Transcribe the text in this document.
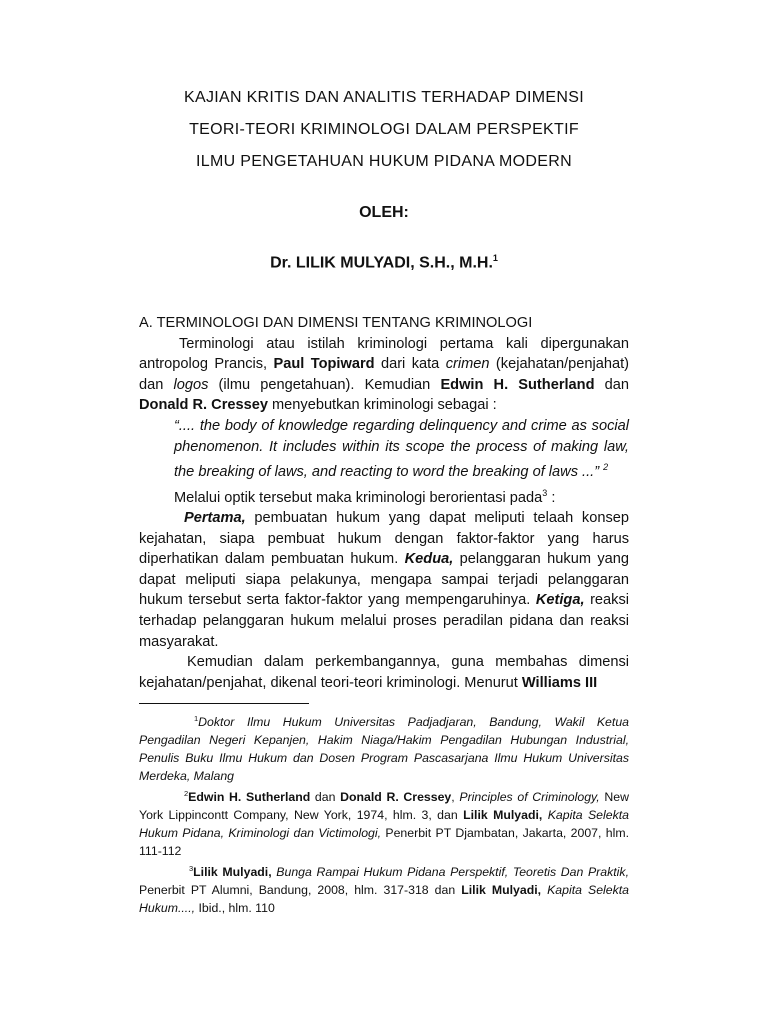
KAJIAN KRITIS DAN ANALITIS TERHADAP DIMENSI
TEORI-TEORI KRIMINOLOGI DALAM PERSPEKTIF
ILMU PENGETAHUAN HUKUM PIDANA MODERN
OLEH:
Dr. LILIK MULYADI, S.H., M.H.$^1$

A. TERMINOLOGI DAN DIMENSI TENTANG KRIMINOLOGI

Terminologi atau istilah kriminologi pertama kali dipergunakan antropolog Prancis, Paul Topiward dari kata crimen (kejahatan/penjahat) dan logos (ilmu pengetahuan). Kemudian Edwin H. Sutherland dan Donald R. Cressey menyebutkan kriminologi sebagai :

“.... the body of knowledge regarding delinquency and crime as social phenomenon. It includes within its scope the process of making law, the breaking of laws, and reacting to word the breaking of laws ...” $^2$

Melalui optik tersebut maka kriminologi berorientasi pada$^3$ :

Pertama, pembuatan hukum yang dapat meliputi telaah konsep kejahatan, siapa pembuat hukum dengan faktor-faktor yang harus diperhatikan dalam pembuatan hukum. Kedua, pelanggaran hukum yang dapat meliputi siapa pelakunya, mengapa sampai terjadi pelanggaran hukum tersebut serta faktor-faktor yang mempengaruhinya. Ketiga, reaksi terhadap pelanggaran hukum melalui proses peradilan pidana dan reaksi masyarakat.

Kemudian dalam perkembangannya, guna membahas dimensi kejahatan/penjahat, dikenal teori-teori kriminologi. Menurut Williams III

$^1$Doktor Ilmu Hukum Universitas Padjadjaran, Bandung, Wakil Ketua Pengadilan Negeri Kepanjen, Hakim Niaga/Hakim Pengadilan Hubungan Industrial, Penulis Buku Ilmu Hukum dan Dosen Program Pascasarjana Ilmu Hukum Universitas Merdeka, Malang

$^2$Edwin H. Sutherland dan Donald R. Cressey, Principles of Criminology, New York Lippincontt Company, New York, 1974, hlm. 3, dan Lilik Mulyadi, Kapita Selekta Hukum Pidana, Kriminologi dan Victimologi, Penerbit PT Djambatan, Jakarta, 2007, hlm. 111-112

$^3$Lilik Mulyadi, Bunga Rampai Hukum Pidana Perspektif, Teoretis Dan Praktik, Penerbit PT Alumni, Bandung, 2008, hlm. 317-318 dan Lilik Mulyadi, Kapita Selekta Hukum...., Ibid., hlm. 110
